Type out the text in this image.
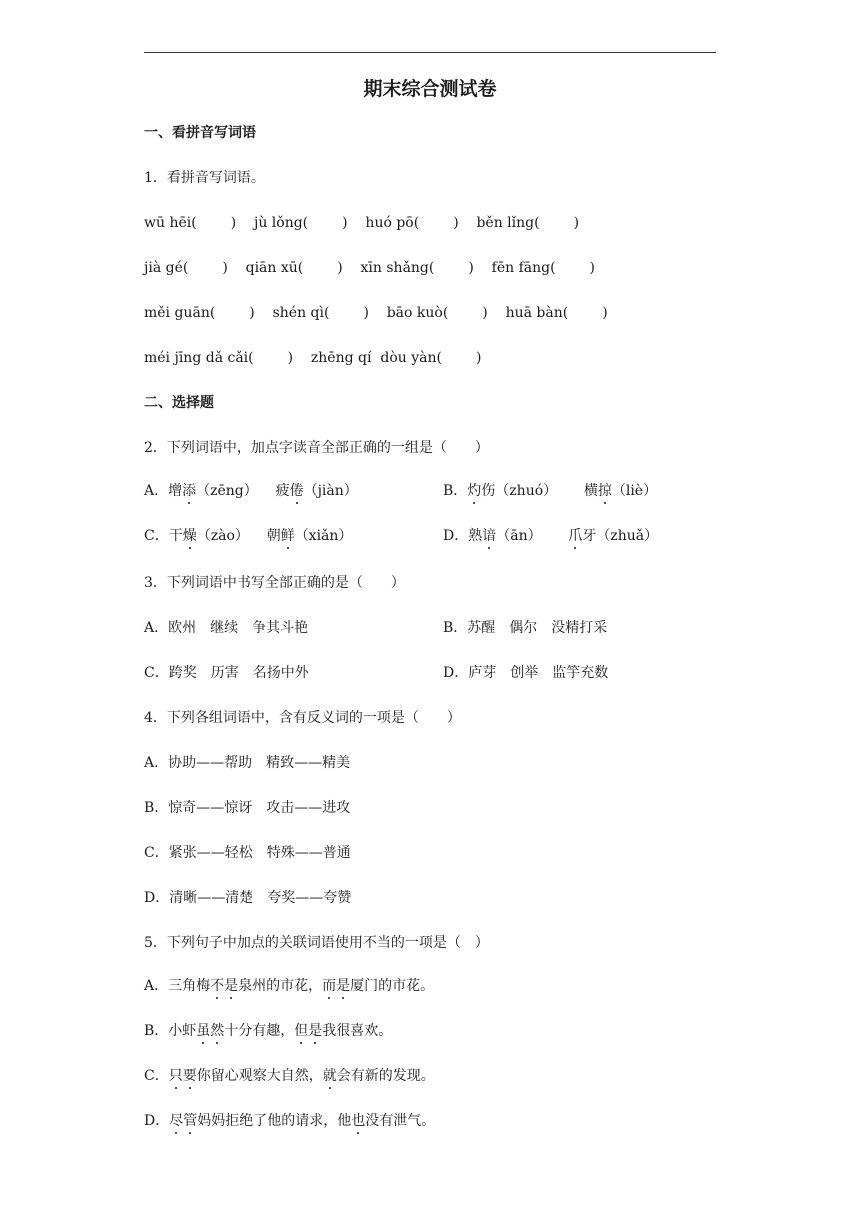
期末综合测试卷
一、看拼音写词语
1．看拼音写词语。
wū hēi( ) jù lǒng( ) huó pō( ) běn lǐng( )
jià gé( ) qiān xū( ) xīn shǎng( ) fēn fāng( )
měi guān( ) shén qì( ) bāo kuò( ) huā bàn( )
méi jīng dǎ cǎi( ) zhēng qí  dòu yàn( )
二、选择题
2．下列词语中，加点字读音全部正确的一组是（　　）
A．增添（zēng） 疲倦（jiàn）	B．灼伤（zhuó） 横掠（liè）
C．干燥（zào） 朝鲜（xiǎn）	D．熟谙（ān） 爪牙（zhuǎ）
3．下列词语中书写全部正确的是（　　）
A．欧州　继续　争其斗艳	B．苏醒　偶尔　没精打采
C．跨奖　历害　名扬中外	D．庐芽　创举　监竽充数
4．下列各组词语中，含有反义词的一项是（　　）
A．协助——帮助　精致——精美
B．惊奇——惊讶　攻击——进攻
C．紧张——轻松　特殊——普通
D．清晰——清楚　夸奖——夸赞
5．下列句子中加点的关联词语使用不当的一项是（　）
A．三角梅不是泉州的市花，而是厦门的市花。
B．小虾虽然十分有趣，但是我很喜欢。
C．只要你留心观察大自然，就会有新的发现。
D．尽管妈妈拒绝了他的请求，他也没有泄气。
